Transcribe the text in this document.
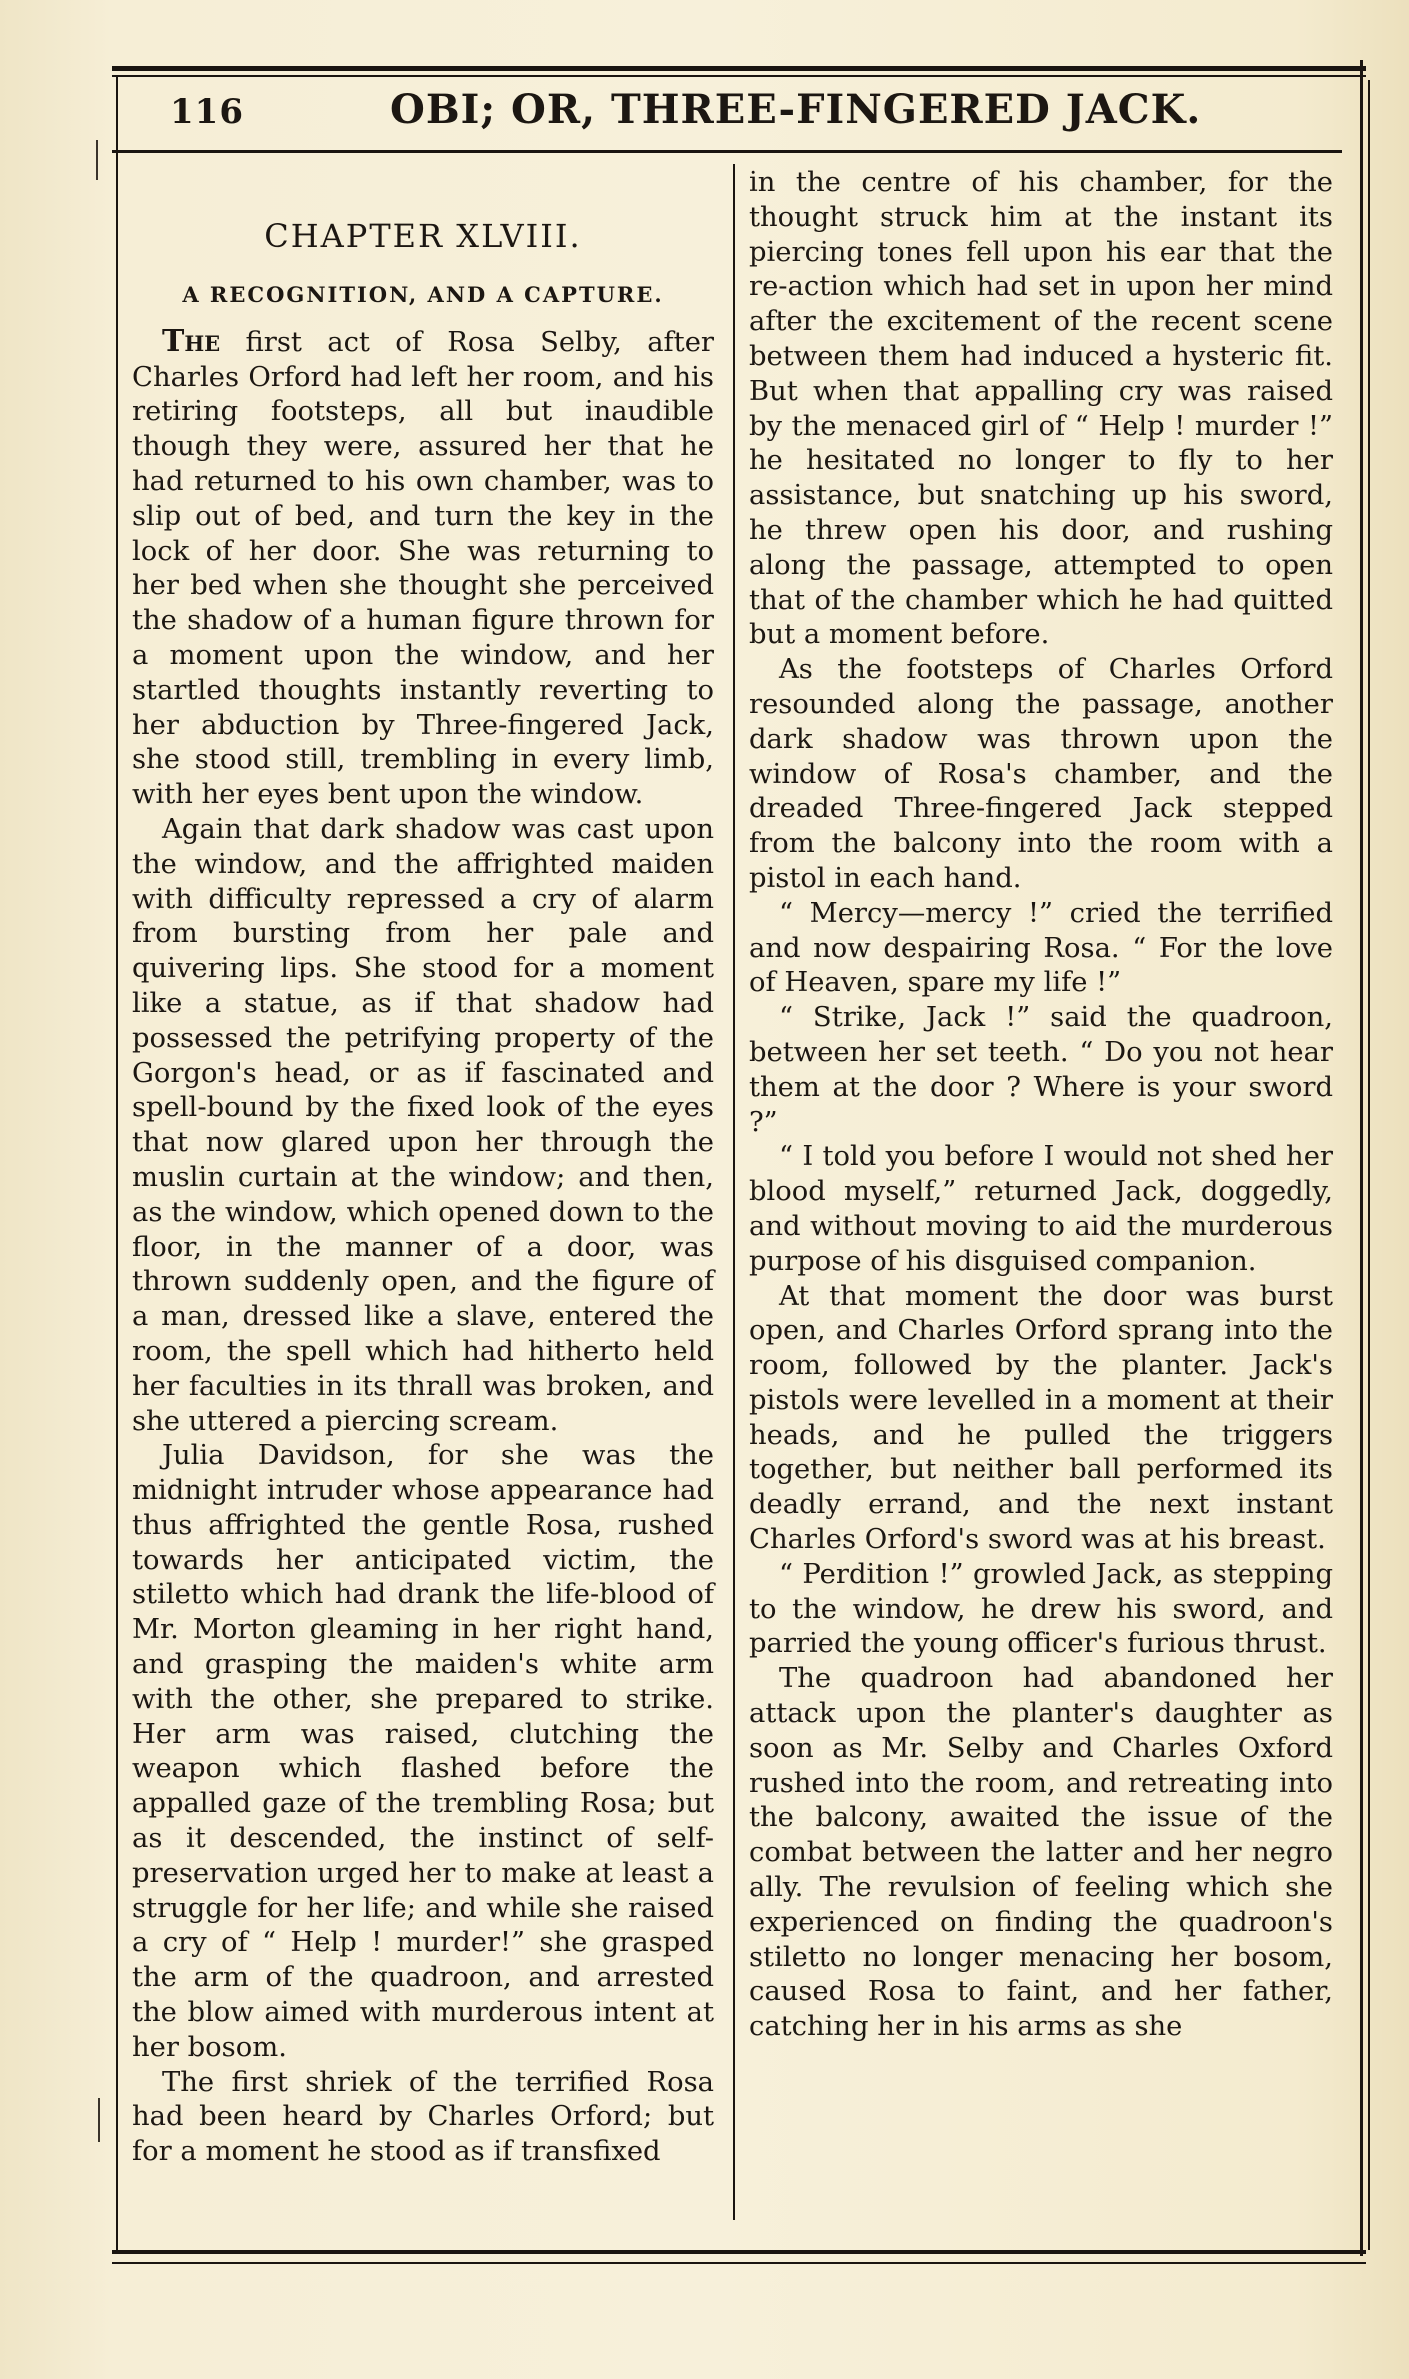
116	OBI; OR, THREE-FINGERED JACK.
CHAPTER XLVIII.
A RECOGNITION, AND A CAPTURE.

The first act of Rosa Selby, after Charles Orford had left her room, and his retiring footsteps, all but inaudible though they were, assured her that he had returned to his own chamber, was to slip out of bed, and turn the key in the lock of her door. She was returning to her bed when she thought she perceived the shadow of a human figure thrown for a moment upon the window, and her startled thoughts instantly reverting to her abduction by Three-fingered Jack, she stood still, trembling in every limb, with her eyes bent upon the window.

Again that dark shadow was cast upon the window, and the affrighted maiden with difficulty repressed a cry of alarm from bursting from her pale and quivering lips. She stood for a moment like a statue, as if that shadow had possessed the petrifying property of the Gorgon's head, or as if fascinated and spell-bound by the fixed look of the eyes that now glared upon her through the muslin curtain at the window; and then, as the window, which opened down to the floor, in the manner of a door, was thrown suddenly open, and the figure of a man, dressed like a slave, entered the room, the spell which had hitherto held her faculties in its thrall was broken, and she uttered a piercing scream.

Julia Davidson, for she was the midnight intruder whose appearance had thus affrighted the gentle Rosa, rushed towards her anticipated victim, the stiletto which had drank the life-blood of Mr. Morton gleaming in her right hand, and grasping the maiden's white arm with the other, she prepared to strike. Her arm was raised, clutching the weapon which flashed before the appalled gaze of the trembling Rosa; but as it descended, the instinct of self-preservation urged her to make at least a struggle for her life; and while she raised a cry of “ Help ! murder!” she grasped the arm of the quadroon, and arrested the blow aimed with murderous intent at her bosom.

The first shriek of the terrified Rosa had been heard by Charles Orford; but for a moment he stood as if transfixed

in the centre of his chamber, for the thought struck him at the instant its piercing tones fell upon his ear that the re-action which had set in upon her mind after the excitement of the recent scene between them had induced a hysteric fit. But when that appalling cry was raised by the menaced girl of “ Help ! murder !” he hesitated no longer to fly to her assistance, but snatching up his sword, he threw open his door, and rushing along the passage, attempted to open that of the chamber which he had quitted but a moment before.

As the footsteps of Charles Orford resounded along the passage, another dark shadow was thrown upon the window of Rosa's chamber, and the dreaded Three-fingered Jack stepped from the balcony into the room with a pistol in each hand.

“ Mercy—mercy !” cried the terrified and now despairing Rosa. “ For the love of Heaven, spare my life !”

“ Strike, Jack !” said the quadroon, between her set teeth. “ Do you not hear them at the door ? Where is your sword ?”

“ I told you before I would not shed her blood myself,” returned Jack, doggedly, and without moving to aid the murderous purpose of his disguised companion.

At that moment the door was burst open, and Charles Orford sprang into the room, followed by the planter. Jack's pistols were levelled in a moment at their heads, and he pulled the triggers together, but neither ball performed its deadly errand, and the next instant Charles Orford's sword was at his breast.

“ Perdition !” growled Jack, as stepping to the window, he drew his sword, and parried the young officer's furious thrust.

The quadroon had abandoned her attack upon the planter's daughter as soon as Mr. Selby and Charles Oxford rushed into the room, and retreating into the balcony, awaited the issue of the combat between the latter and her negro ally. The revulsion of feeling which she experienced on finding the quadroon's stiletto no longer menacing her bosom, caused Rosa to faint, and her father, catching her in his arms as she
